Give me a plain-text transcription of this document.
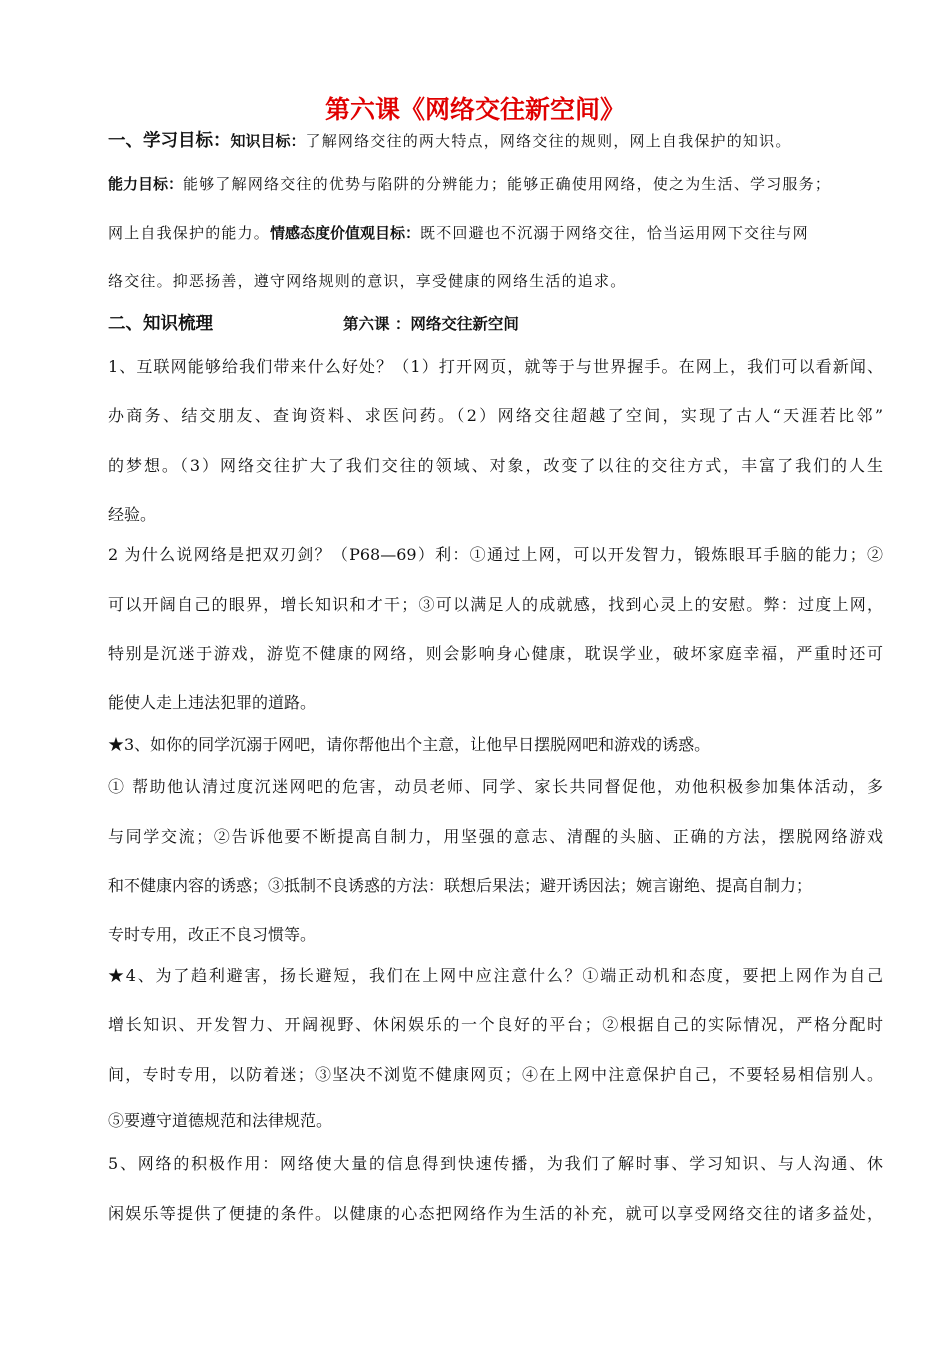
第六课《网络交往新空间》
一、学习目标：知识目标：了解网络交往的两大特点，网络交往的规则，网上自我保护的知识。
能力目标：能够了解网络交往的优势与陷阱的分辨能力；能够正确使用网络，使之为生活、学习服务；
网上自我保护的能力。情感态度价值观目标：既不回避也不沉溺于网络交往，恰当运用网下交往与网
络交往。抑恶扬善，遵守网络规则的意识，享受健康的网络生活的追求。
二、知识梳理	第六课 ：网络交往新空间
1、互联网能够给我们带来什么好处？（1）打开网页，就等于与世界握手。在网上，我们可以看新闻、
办商务、结交朋友、查询资料、求医问药。（2）网络交往超越了空间，实现了古人“天涯若比邻”
的梦想。（3）网络交往扩大了我们交往的领域、对象，改变了以往的交往方式，丰富了我们的人生
经验。
2 为什么说网络是把双刃剑？（P68—69）利：①通过上网，可以开发智力，锻炼眼耳手脑的能力；②
可以开阔自己的眼界，增长知识和才干；③可以满足人的成就感，找到心灵上的安慰。弊：过度上网，
特别是沉迷于游戏，游览不健康的网络，则会影响身心健康，耽误学业，破坏家庭幸福，严重时还可
能使人走上违法犯罪的道路。
★3、如你的同学沉溺于网吧，请你帮他出个主意，让他早日摆脱网吧和游戏的诱惑。
① 帮助他认清过度沉迷网吧的危害，动员老师、同学、家长共同督促他，劝他积极参加集体活动，多
与同学交流；②告诉他要不断提高自制力，用坚强的意志、清醒的头脑、正确的方法，摆脱网络游戏
和不健康内容的诱惑；③抵制不良诱惑的方法：联想后果法；避开诱因法；婉言谢绝、提高自制力；
专时专用，改正不良习惯等。
★4、为了趋利避害，扬长避短，我们在上网中应注意什么？①端正动机和态度，要把上网作为自己
增长知识、开发智力、开阔视野、休闲娱乐的一个良好的平台；②根据自己的实际情况，严格分配时
间，专时专用，以防着迷；③坚决不浏览不健康网页；④在上网中注意保护自己，不要轻易相信别人。
⑤要遵守道德规范和法律规范。
5、网络的积极作用：网络使大量的信息得到快速传播，为我们了解时事、学习知识、与人沟通、休
闲娱乐等提供了便捷的条件。以健康的心态把网络作为生活的补充，就可以享受网络交往的诸多益处，
